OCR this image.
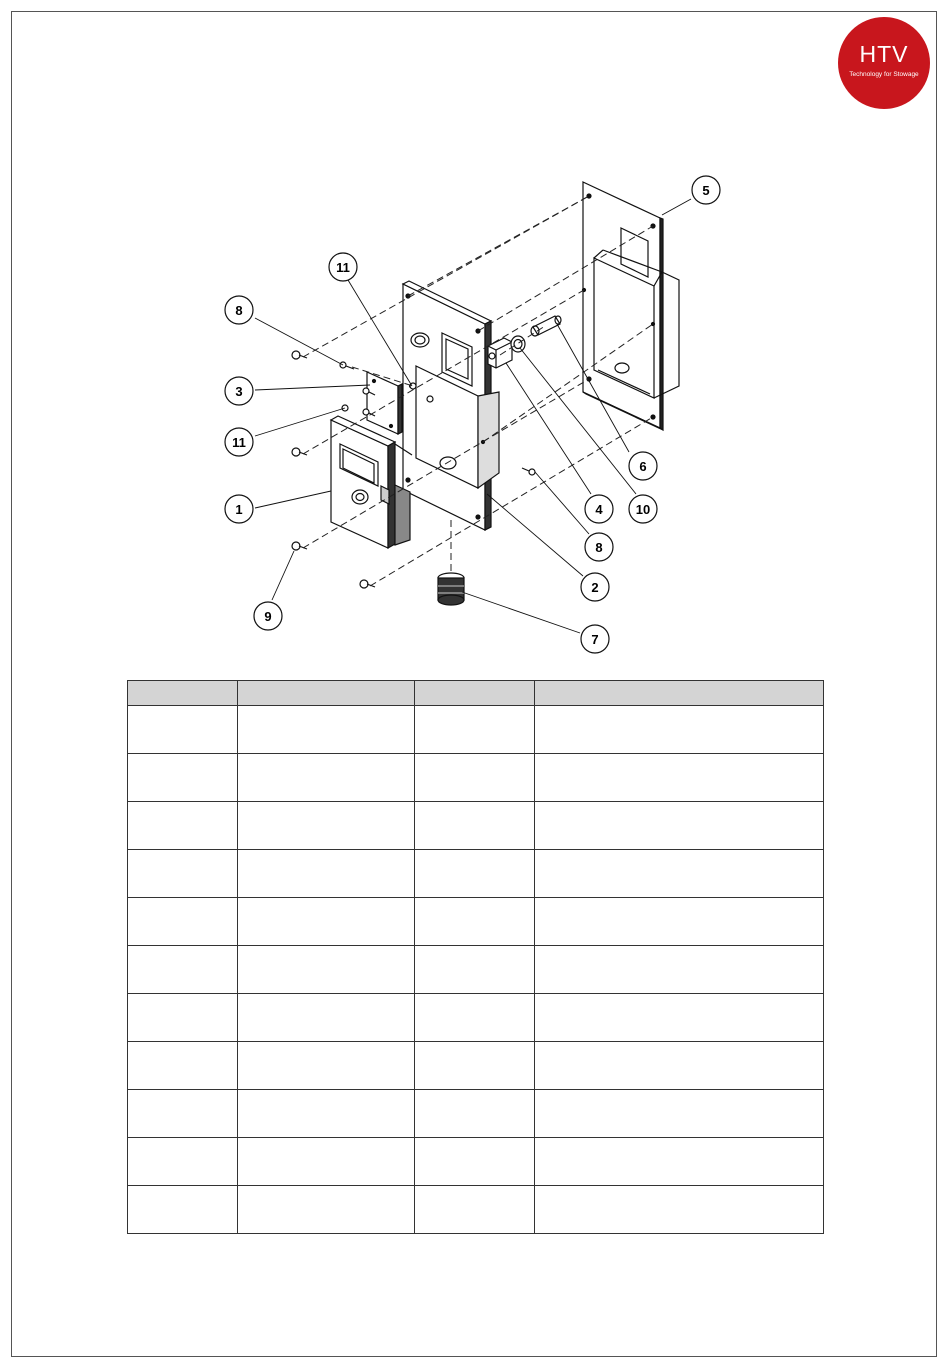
HTV
Technology for Stowage
11
8
3
11
1
9
5
6
10
4
8
2
7
